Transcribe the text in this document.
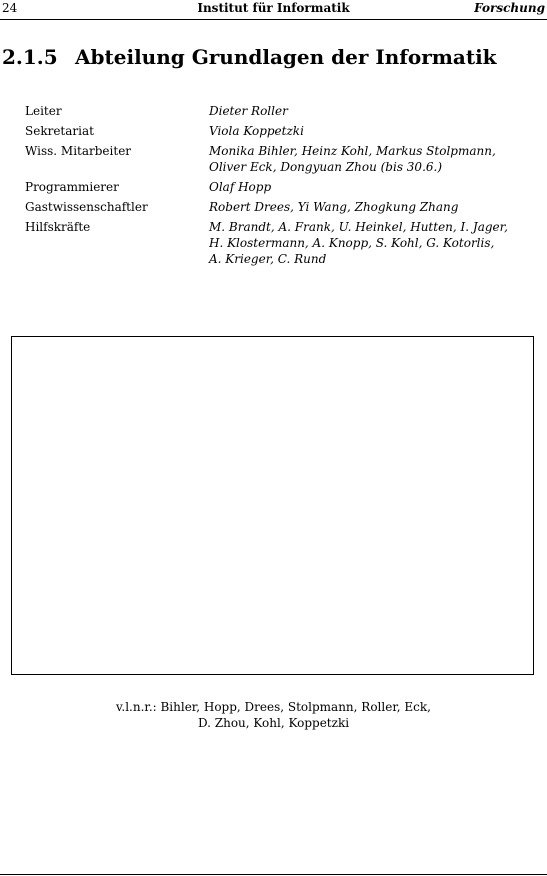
24	Institut für Informatik	Forschung
2.1.5 Abteilung Grundlagen der Informatik
Leiter	Dieter Roller
Sekretariat	Viola Koppetzki
Wiss. Mitarbeiter	Monika Bihler, Heinz Kohl, Markus Stolpmann,
Oliver Eck, Dongyuan Zhou (bis 30.6.)
Programmierer	Olaf Hopp
Gastwissenschaftler	Robert Drees, Yi Wang, Zhogkung Zhang
Hilfskräfte	M. Brandt, A. Frank, U. Heinkel, Hutten, I. Jager,
H. Klostermann, A. Knopp, S. Kohl, G. Kotorlis,
A. Krieger, C. Rund
v.l.n.r.: Bihler, Hopp, Drees, Stolpmann, Roller, Eck,
D. Zhou, Kohl, Koppetzki
